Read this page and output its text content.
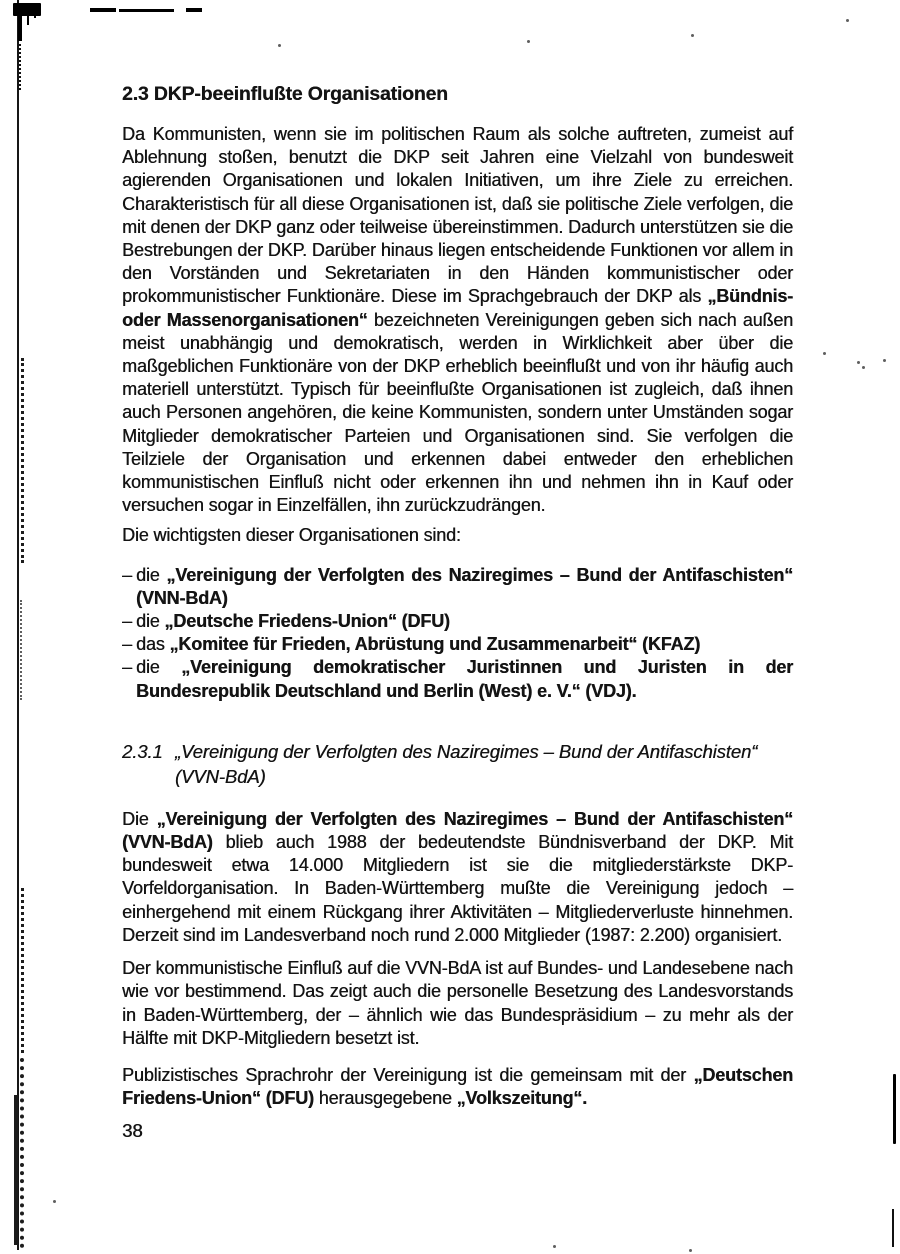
2.3 DKP-beeinflußte Organisationen

Da Kommunisten, wenn sie im politischen Raum als solche auftreten, zumeist auf Ablehnung stoßen, benutzt die DKP seit Jahren eine Vielzahl von bundesweit agierenden Organisationen und lokalen Initiativen, um ihre Ziele zu erreichen. Charakteristisch für all diese Organisationen ist, daß sie politische Ziele verfolgen, die mit denen der DKP ganz oder teilweise übereinstimmen. Dadurch unterstützen sie die Bestrebungen der DKP. Darüber hinaus liegen entscheidende Funktionen vor allem in den Vorständen und Sekretariaten in den Händen kommunistischer oder prokommunistischer Funktionäre. Diese im Sprachgebrauch der DKP als „Bündnis- oder Massenorganisationen“ bezeichneten Vereinigungen geben sich nach außen meist unabhängig und demokratisch, werden in Wirklichkeit aber über die maßgeblichen Funktionäre von der DKP erheblich beeinflußt und von ihr häufig auch materiell unterstützt. Typisch für beeinflußte Organisationen ist zugleich, daß ihnen auch Personen angehören, die keine Kommunisten, sondern unter Umständen sogar Mitglieder demokratischer Parteien und Organisationen sind. Sie verfolgen die Teilziele der Organisation und erkennen dabei entweder den erheblichen kommunistischen Einfluß nicht oder erkennen ihn und nehmen ihn in Kauf oder versuchen sogar in Einzelfällen, ihn zurückzudrängen.

Die wichtigsten dieser Organisationen sind:

– die „Vereinigung der Verfolgten des Naziregimes – Bund der Antifaschisten“ (VNN-BdA)
– die „Deutsche Friedens-Union“ (DFU)
– das „Komitee für Frieden, Abrüstung und Zusammenarbeit“ (KFAZ)
– die „Vereinigung demokratischer Juristinnen und Juristen in der Bundesrepublik Deutschland und Berlin (West) e. V.“ (VDJ).
2.3.1 „Vereinigung der Verfolgten des Naziregimes – Bund der Antifaschisten“
(VVN-BdA)

Die „Vereinigung der Verfolgten des Naziregimes – Bund der Antifaschisten“ (VVN-BdA) blieb auch 1988 der bedeutendste Bündnisverband der DKP. Mit bundesweit etwa 14.000 Mitgliedern ist sie die mitgliederstärkste DKP-Vorfeldorganisation. In Baden-Württemberg mußte die Vereinigung jedoch – einhergehend mit einem Rückgang ihrer Aktivitäten – Mitgliederverluste hinnehmen. Derzeit sind im Landesverband noch rund 2.000 Mitglieder (1987: 2.200) organisiert.

Der kommunistische Einfluß auf die VVN-BdA ist auf Bundes- und Landesebene nach wie vor bestimmend. Das zeigt auch die personelle Besetzung des Landesvorstands in Baden-Württemberg, der – ähnlich wie das Bundespräsidium – zu mehr als der Hälfte mit DKP-Mitgliedern besetzt ist.

Publizistisches Sprachrohr der Vereinigung ist die gemeinsam mit der „Deutschen Friedens-Union“ (DFU) herausgegebene „Volkszeitung“.

38
